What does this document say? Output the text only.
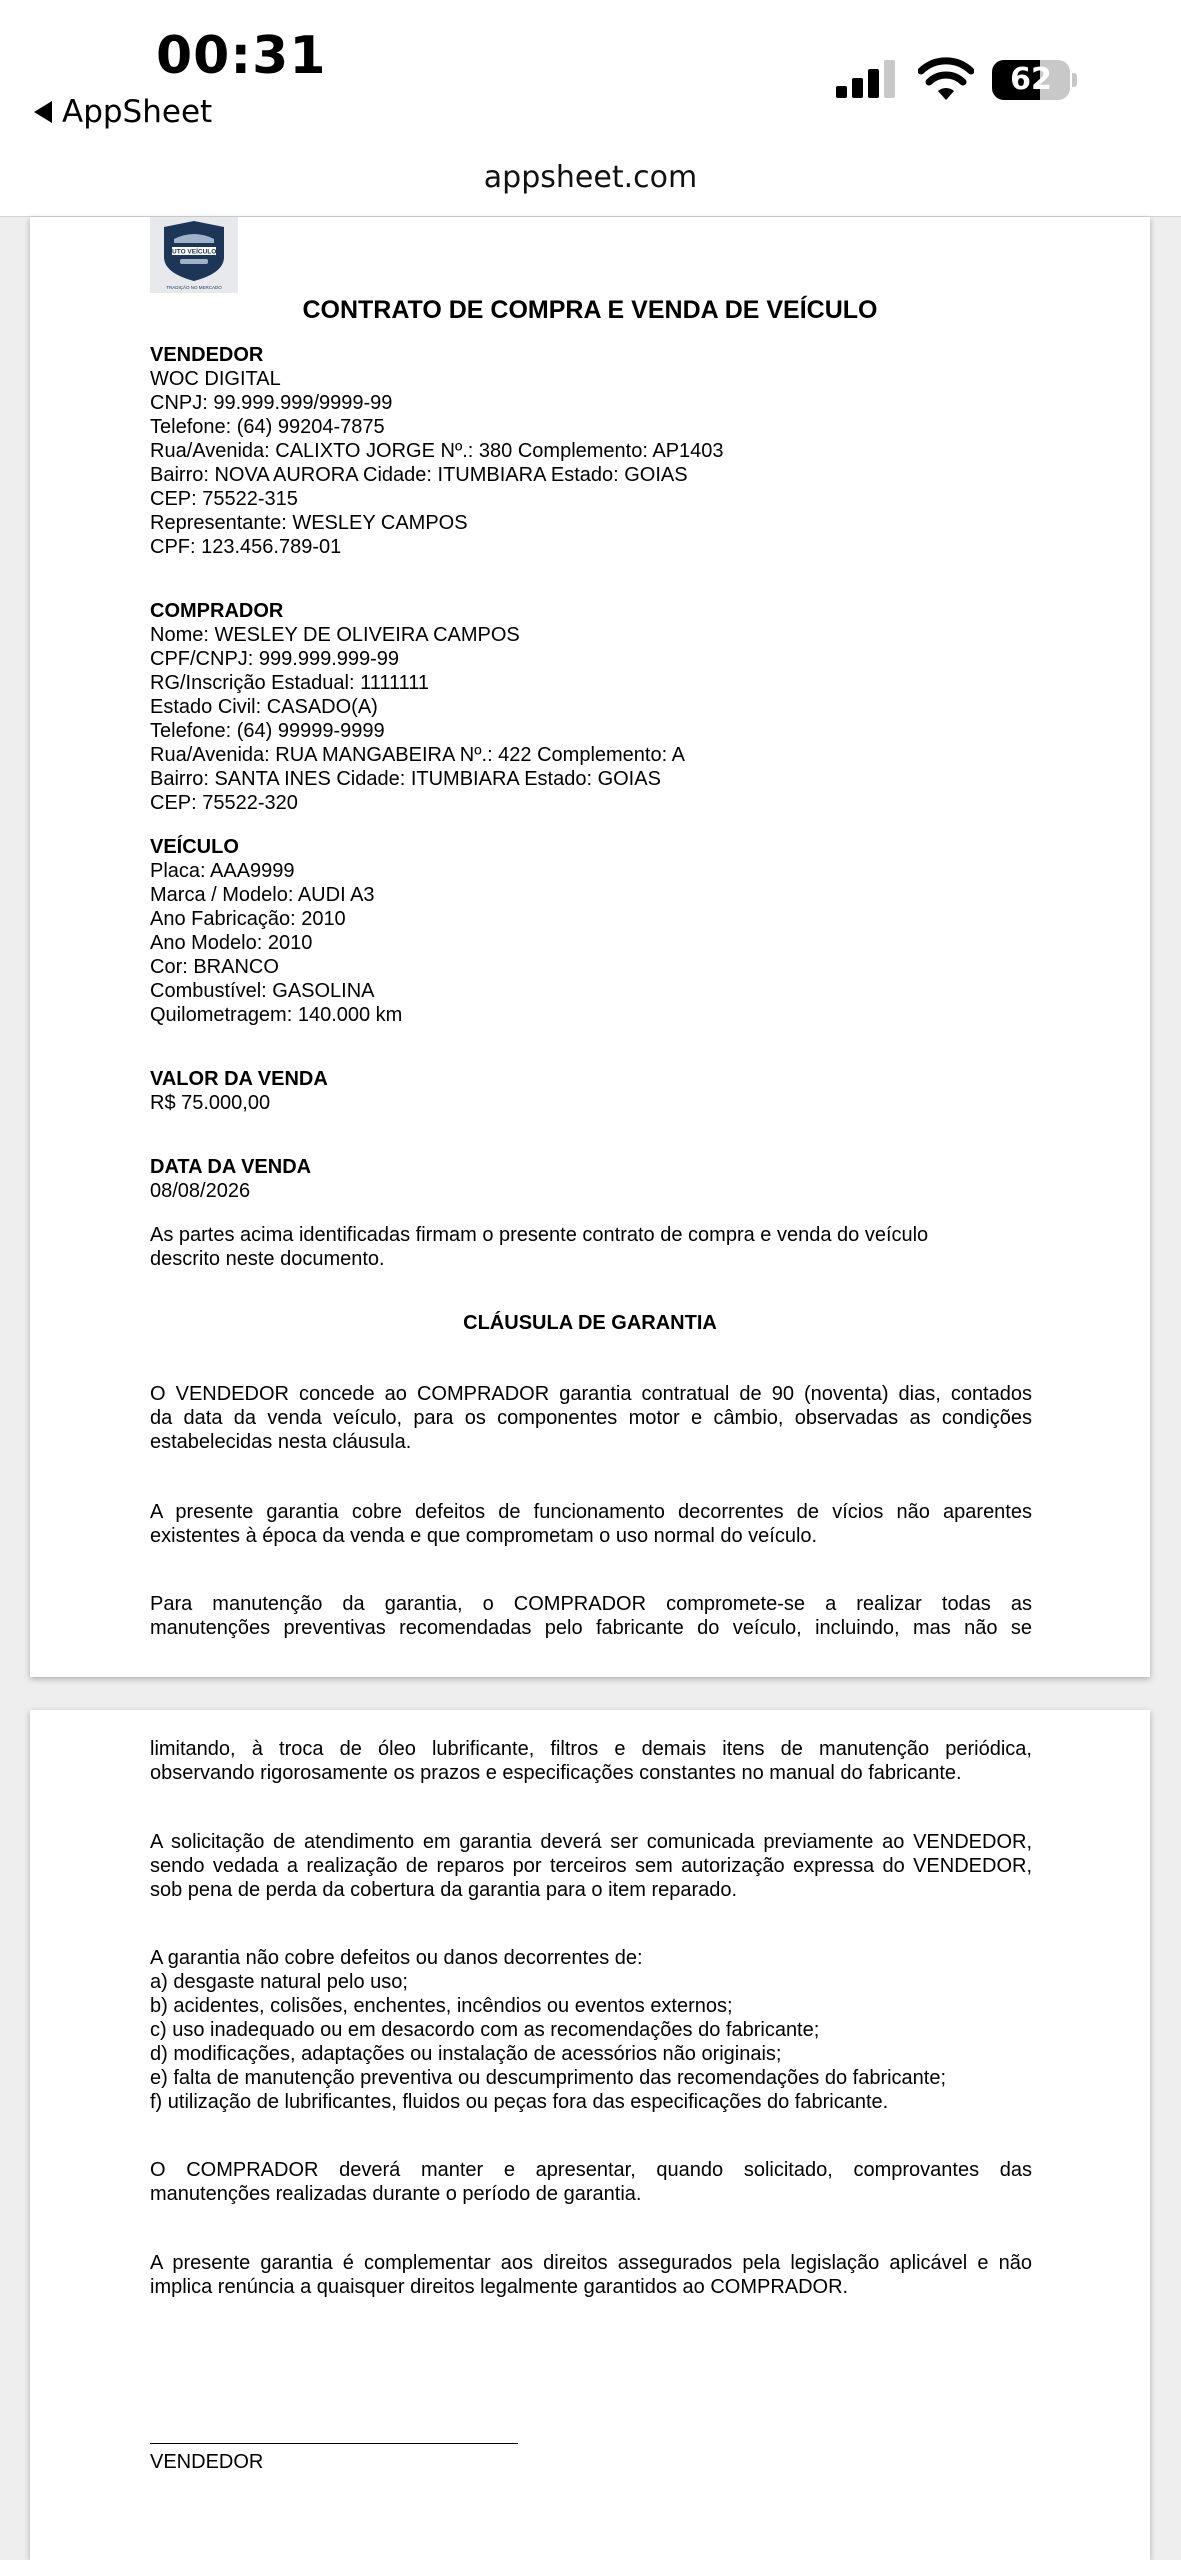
00:31
AppSheet
62
appsheet.com
AUTO VEÍCULOS
TRADIÇÃO NO MERCADO
CONTRATO DE COMPRA E VENDA DE VEÍCULO
VENDEDOR
WOC DIGITAL
CNPJ: 99.999.999/9999-99
Telefone: (64) 99204-7875
Rua/Avenida: CALIXTO JORGE Nº.: 380 Complemento: AP1403
Bairro: NOVA AURORA Cidade: ITUMBIARA Estado: GOIAS
CEP: 75522-315
Representante: WESLEY CAMPOS
CPF: 123.456.789-01
COMPRADOR
Nome: WESLEY DE OLIVEIRA CAMPOS
CPF/CNPJ: 999.999.999-99
RG/Inscrição Estadual: 1111111
Estado Civil: CASADO(A)
Telefone: (64) 99999-9999
Rua/Avenida: RUA MANGABEIRA Nº.: 422 Complemento: A
Bairro: SANTA INES Cidade: ITUMBIARA Estado: GOIAS
CEP: 75522-320
VEÍCULO
Placa: AAA9999
Marca / Modelo: AUDI A3
Ano Fabricação: 2010
Ano Modelo: 2010
Cor: BRANCO
Combustível: GASOLINA
Quilometragem: 140.000 km
VALOR DA VENDA
R$ 75.000,00
DATA DA VENDA
08/08/2026
As partes acima identificadas firmam o presente contrato de compra e venda do veículo
descrito neste documento.
CLÁUSULA DE GARANTIA
O VENDEDOR concede ao COMPRADOR garantia contratual de 90 (noventa) dias, contados
da data da venda veículo, para os componentes motor e câmbio, observadas as condições
estabelecidas nesta cláusula.
A presente garantia cobre defeitos de funcionamento decorrentes de vícios não aparentes
existentes à época da venda e que comprometam o uso normal do veículo.
Para manutenção da garantia, o COMPRADOR compromete-se a realizar todas as
manutenções preventivas recomendadas pelo fabricante do veículo, incluindo, mas não se
limitando, à troca de óleo lubrificante, filtros e demais itens de manutenção periódica,
observando rigorosamente os prazos e especificações constantes no manual do fabricante.
A solicitação de atendimento em garantia deverá ser comunicada previamente ao VENDEDOR,
sendo vedada a realização de reparos por terceiros sem autorização expressa do VENDEDOR,
sob pena de perda da cobertura da garantia para o item reparado.
A garantia não cobre defeitos ou danos decorrentes de:
a) desgaste natural pelo uso;
b) acidentes, colisões, enchentes, incêndios ou eventos externos;
c) uso inadequado ou em desacordo com as recomendações do fabricante;
d) modificações, adaptações ou instalação de acessórios não originais;
e) falta de manutenção preventiva ou descumprimento das recomendações do fabricante;
f) utilização de lubrificantes, fluidos ou peças fora das especificações do fabricante.
O COMPRADOR deverá manter e apresentar, quando solicitado, comprovantes das
manutenções realizadas durante o período de garantia.
A presente garantia é complementar aos direitos assegurados pela legislação aplicável e não
implica renúncia a quaisquer direitos legalmente garantidos ao COMPRADOR.
VENDEDOR
